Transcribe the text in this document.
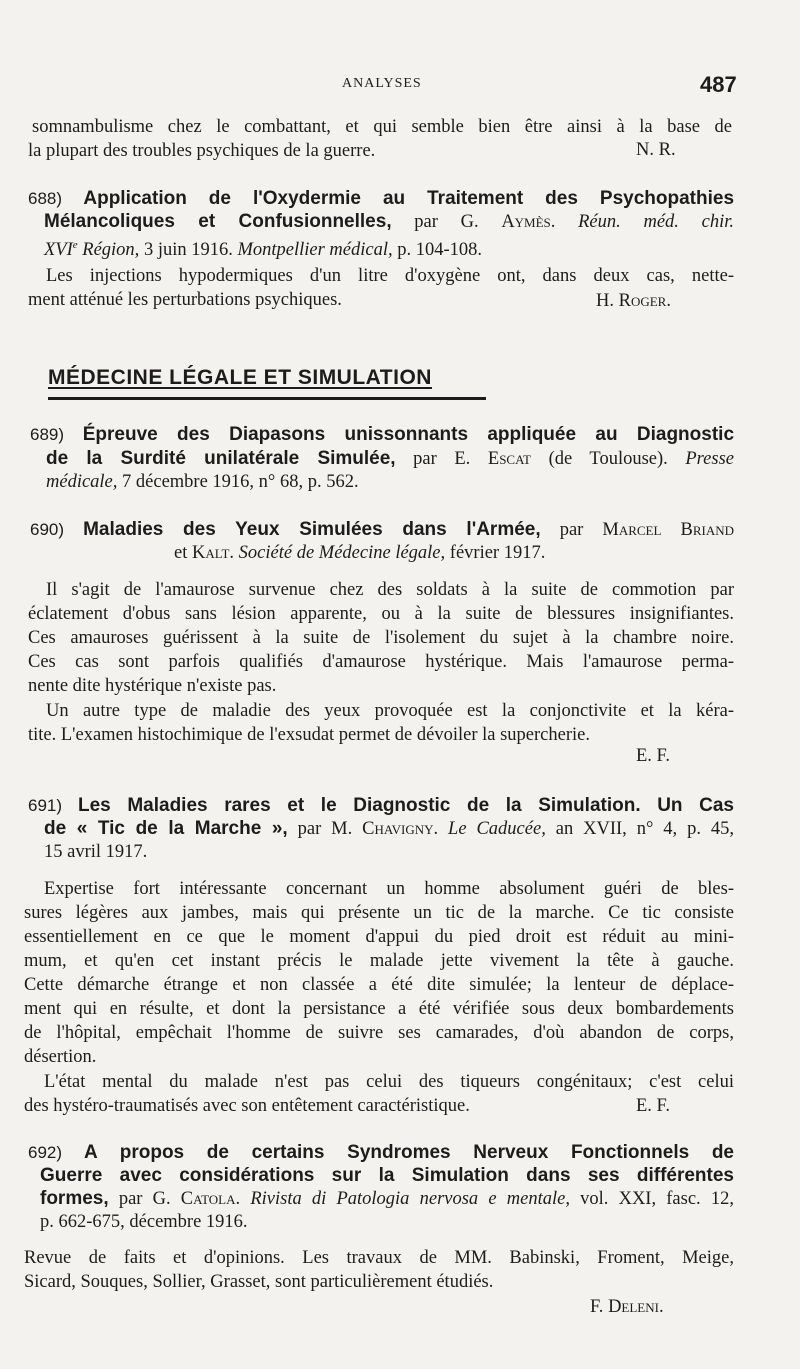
ANALYSES	487
somnambulisme chez le combattant, et qui semble bien être ainsi à la base de
la plupart des troubles psychiques de la guerre.	N. R.
688) Application de l'Oxydermie au Traitement des Psychopathies
Mélancoliques et Confusionnelles, par G. Aymès. Réun. méd. chir.
XVIe Région, 3 juin 1916. Montpellier médical, p. 104-108.
Les injections hypodermiques d'un litre d'oxygène ont, dans deux cas, nette-
ment atténué les perturbations psychiques.	H. Roger.
MÉDECINE LÉGALE ET SIMULATION
689) Épreuve des Diapasons unissonnants appliquée au Diagnostic
de la Surdité unilatérale Simulée, par E. Escat (de Toulouse). Presse
médicale, 7 décembre 1916, n° 68, p. 562.
690) Maladies des Yeux Simulées dans l'Armée, par Marcel Briand
et Kalt. Société de Médecine légale, février 1917.
Il s'agit de l'amaurose survenue chez des soldats à la suite de commotion par
éclatement d'obus sans lésion apparente, ou à la suite de blessures insignifiantes.
Ces amauroses guérissent à la suite de l'isolement du sujet à la chambre noire.
Ces cas sont parfois qualifiés d'amaurose hystérique. Mais l'amaurose perma-
nente dite hystérique n'existe pas.
Un autre type de maladie des yeux provoquée est la conjonctivite et la kéra-
tite. L'examen histochimique de l'exsudat permet de dévoiler la supercherie.
E. F.
691) Les Maladies rares et le Diagnostic de la Simulation. Un Cas
de « Tic de la Marche », par M. Chavigny. Le Caducée, an XVII, n° 4, p. 45,
15 avril 1917.
Expertise fort intéressante concernant un homme absolument guéri de bles-
sures légères aux jambes, mais qui présente un tic de la marche. Ce tic consiste
essentiellement en ce que le moment d'appui du pied droit est réduit au mini-
mum, et qu'en cet instant précis le malade jette vivement la tête à gauche.
Cette démarche étrange et non classée a été dite simulée; la lenteur de déplace-
ment qui en résulte, et dont la persistance a été vérifiée sous deux bombardements
de l'hôpital, empêchait l'homme de suivre ses camarades, d'où abandon de corps,
désertion.
L'état mental du malade n'est pas celui des tiqueurs congénitaux; c'est celui
des hystéro-traumatisés avec son entêtement caractéristique.	E. F.
692) A propos de certains Syndromes Nerveux Fonctionnels de
Guerre avec considérations sur la Simulation dans ses différentes
formes, par G. Catola. Rivista di Patologia nervosa e mentale, vol. XXI, fasc. 12,
p. 662-675, décembre 1916.
Revue de faits et d'opinions. Les travaux de MM. Babinski, Froment, Meige,
Sicard, Souques, Sollier, Grasset, sont particulièrement étudiés.
F. Deleni.
